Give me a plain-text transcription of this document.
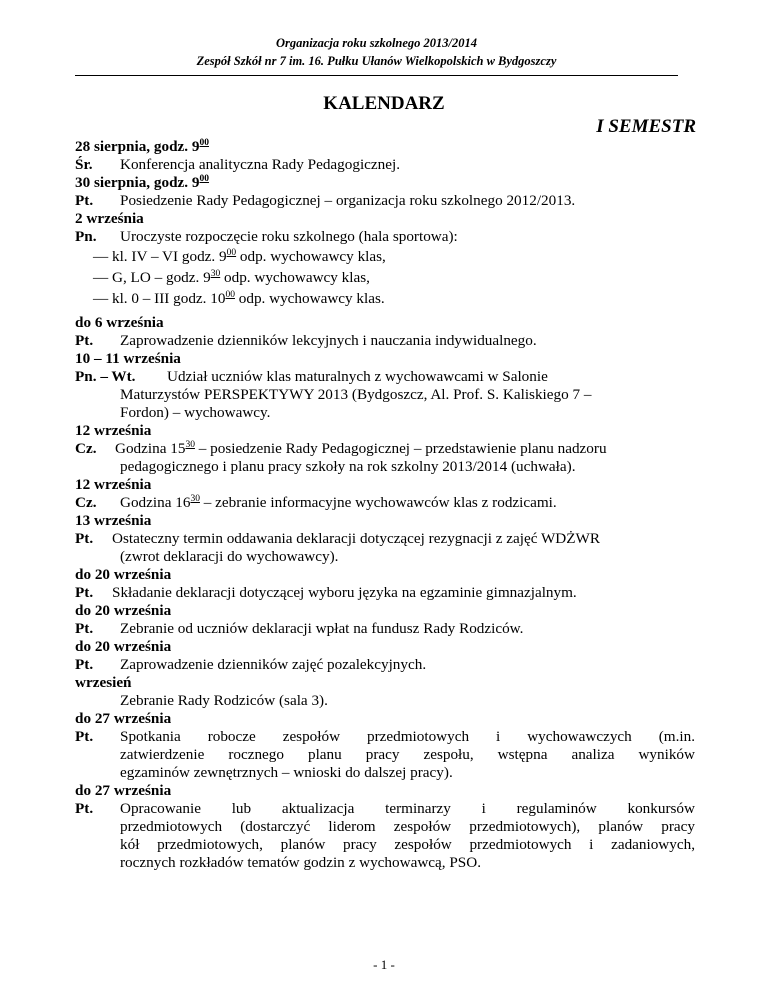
Organizacja roku szkolnego 2013/2014
Zespół Szkół nr 7 im. 16. Pułku Ułanów Wielkopolskich w Bydgoszczy
KALENDARZ
I SEMESTR
28 sierpnia, godz. $9^{00}$
Śr. Konferencja analityczna Rady Pedagogicznej.
30 sierpnia, godz. $9^{00}$
Pt. Posiedzenie Rady Pedagogicznej – organizacja roku szkolnego 2012/2013.
2 września
Pn. Uroczyste rozpoczęcie roku szkolnego (hala sportowa):
— kl. IV – VI godz. $9^{00}$ odp. wychowawcy klas,
— G, LO – godz. $9^{30}$ odp. wychowawcy klas,
— kl. 0 – III godz. $10^{00}$ odp. wychowawcy klas.
do 6 września
Pt. Zaprowadzenie dzienników lekcyjnych i nauczania indywidualnego.
10 – 11 września
Pn. – Wt. Udział uczniów klas maturalnych z wychowawcami w Salonie
Maturzystów PERSPEKTYWY 2013 (Bydgoszcz, Al. Prof. S. Kaliskiego 7 –
Fordon) – wychowawcy.
12 września
Cz. Godzina $15^{30}$ – posiedzenie Rady Pedagogicznej – przedstawienie planu nadzoru
pedagogicznego i planu pracy szkoły na rok szkolny 2013/2014 (uchwała).
12 września
Cz. Godzina $16^{30}$ – zebranie informacyjne wychowawców klas z rodzicami.
13 września
Pt. Ostateczny termin oddawania deklaracji dotyczącej rezygnacji z zajęć WDŻWR
(zwrot deklaracji do wychowawcy).
do 20 września
Pt. Składanie deklaracji dotyczącej wyboru języka na egzaminie gimnazjalnym.
do 20 września
Pt. Zebranie od uczniów deklaracji wpłat na fundusz Rady Rodziców.
do 20 września
Pt. Zaprowadzenie dzienników zajęć pozalekcyjnych.
wrzesień
Zebranie Rady Rodziców (sala 3).
do 27 września
Pt.	Spotkania robocze zespołów przedmiotowych i wychowawczych (m.in.
zatwierdzenie rocznego planu pracy zespołu, wstępna analiza wyników
egzaminów zewnętrznych – wnioski do dalszej pracy).
do 27 września
Pt.	Opracowanie lub aktualizacja terminarzy i regulaminów konkursów
przedmiotowych (dostarczyć liderom zespołów przedmiotowych), planów pracy
kół przedmiotowych, planów pracy zespołów przedmiotowych i zadaniowych,
rocznych rozkładów tematów godzin z wychowawcą, PSO.
- 1 -
